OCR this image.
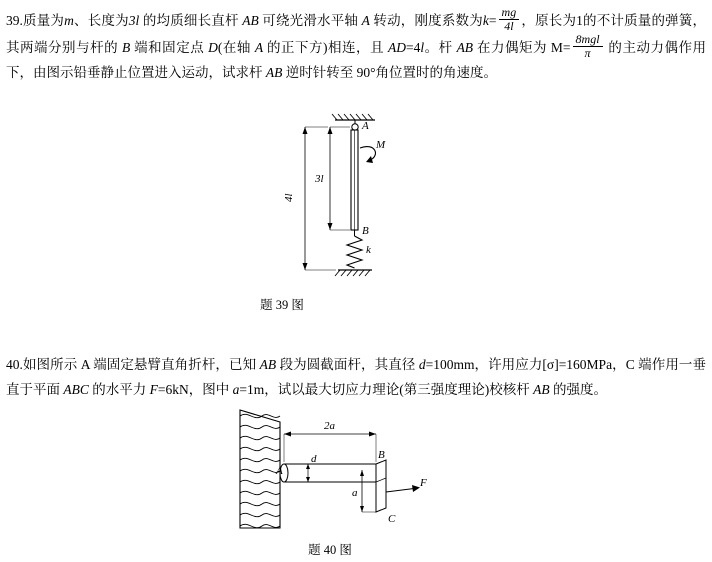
39.质量为m、长度为3l 的均质细长直杆 AB 可绕光滑水平轴 A 转动，刚度系数为$k= \frac{mg}{4l}$ ，原长为1的不计质量的弹簧，其两端分别与杆的 B 端和固定点 D(在轴 A 的正下方)相连，且 AD=4l。杆 AB 在力偶矩为 $M= \frac{\text{8mgl}}{\pi}$ 的主动力偶作用下，由图示铅垂静止位置进入运动，试求杆 AB 逆时针转至 90°角位置时的角速度。
A
B
M
k
3l
4l
题 39 图
40.如图所示 A 端固定悬臂直角折杆，已知 AB 段为圆截面杆，其直径 d=100mm，许用应力[σ]=160MPa，C 端作用一垂直于平面 ABC 的水平力 F=6kN，图中 a=1m，试以最大切应力理论(第三强度理论)校核杆 AB 的强度。
A
d	B
C
F
2a
a
题 40 图
